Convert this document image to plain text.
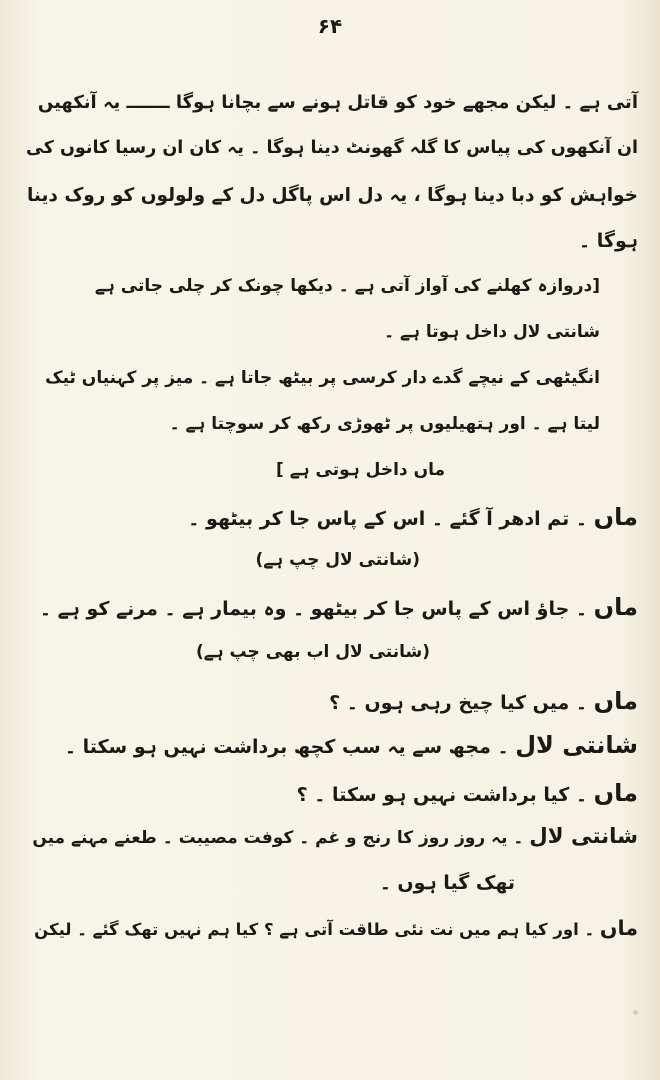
۶۴
آتی ہے ۔ لیکن مجھے خود کو قاتل ہونے سے بچانا ہوگا ـــــــ یہ آنکھیں
ان آنکھوں کی پیاس کا گلہ گھونٹ دینا ہوگا ۔ یہ کان ان رسیا کانوں کی
خواہش کو دبا دینا ہوگا ، یہ دل اس پاگل دل کے ولولوں کو روک دینا
ہوگا ۔
[دروازہ کھلنے کی آواز آتی ہے ۔ دیکھا چونک کر چلی جاتی ہے
شانتی لال داخل ہوتا ہے ۔
انگیٹھی کے نیچے گدے دار کرسی پر بیٹھ جاتا ہے ۔ میز پر کہنیاں ٹیک
لیتا ہے ۔ اور ہتھیلیوں پر ٹھوڑی رکھ کر سوچتا ہے ۔
ماں داخل ہوتی ہے ]
ماں ۔ تم ادھر آ گئے ۔ اس کے پاس جا کر بیٹھو ۔
(شانتی لال چپ ہے)
ماں ۔ جاؤ اس کے پاس جا کر بیٹھو ۔ وہ بیمار ہے ۔ مرنے کو ہے ۔
(شانتی لال اب بھی چپ ہے)
ماں ۔ میں کیا چیخ رہی ہوں ۔ ؟
شانتی لال ۔ مجھ سے یہ سب کچھ برداشت نہیں ہو سکتا ۔
ماں ۔ کیا برداشت نہیں ہو سکتا ۔ ؟
شانتی لال ۔ یہ روز روز کا رنج و غم ۔ کوفت مصیبت ۔ طعنے مہنے میں
تھک گیا ہوں ۔
ماں ۔ اور کیا ہم میں نت نئی طاقت آتی ہے ؟ کیا ہم نہیں تھک گئے ۔ لیکن
